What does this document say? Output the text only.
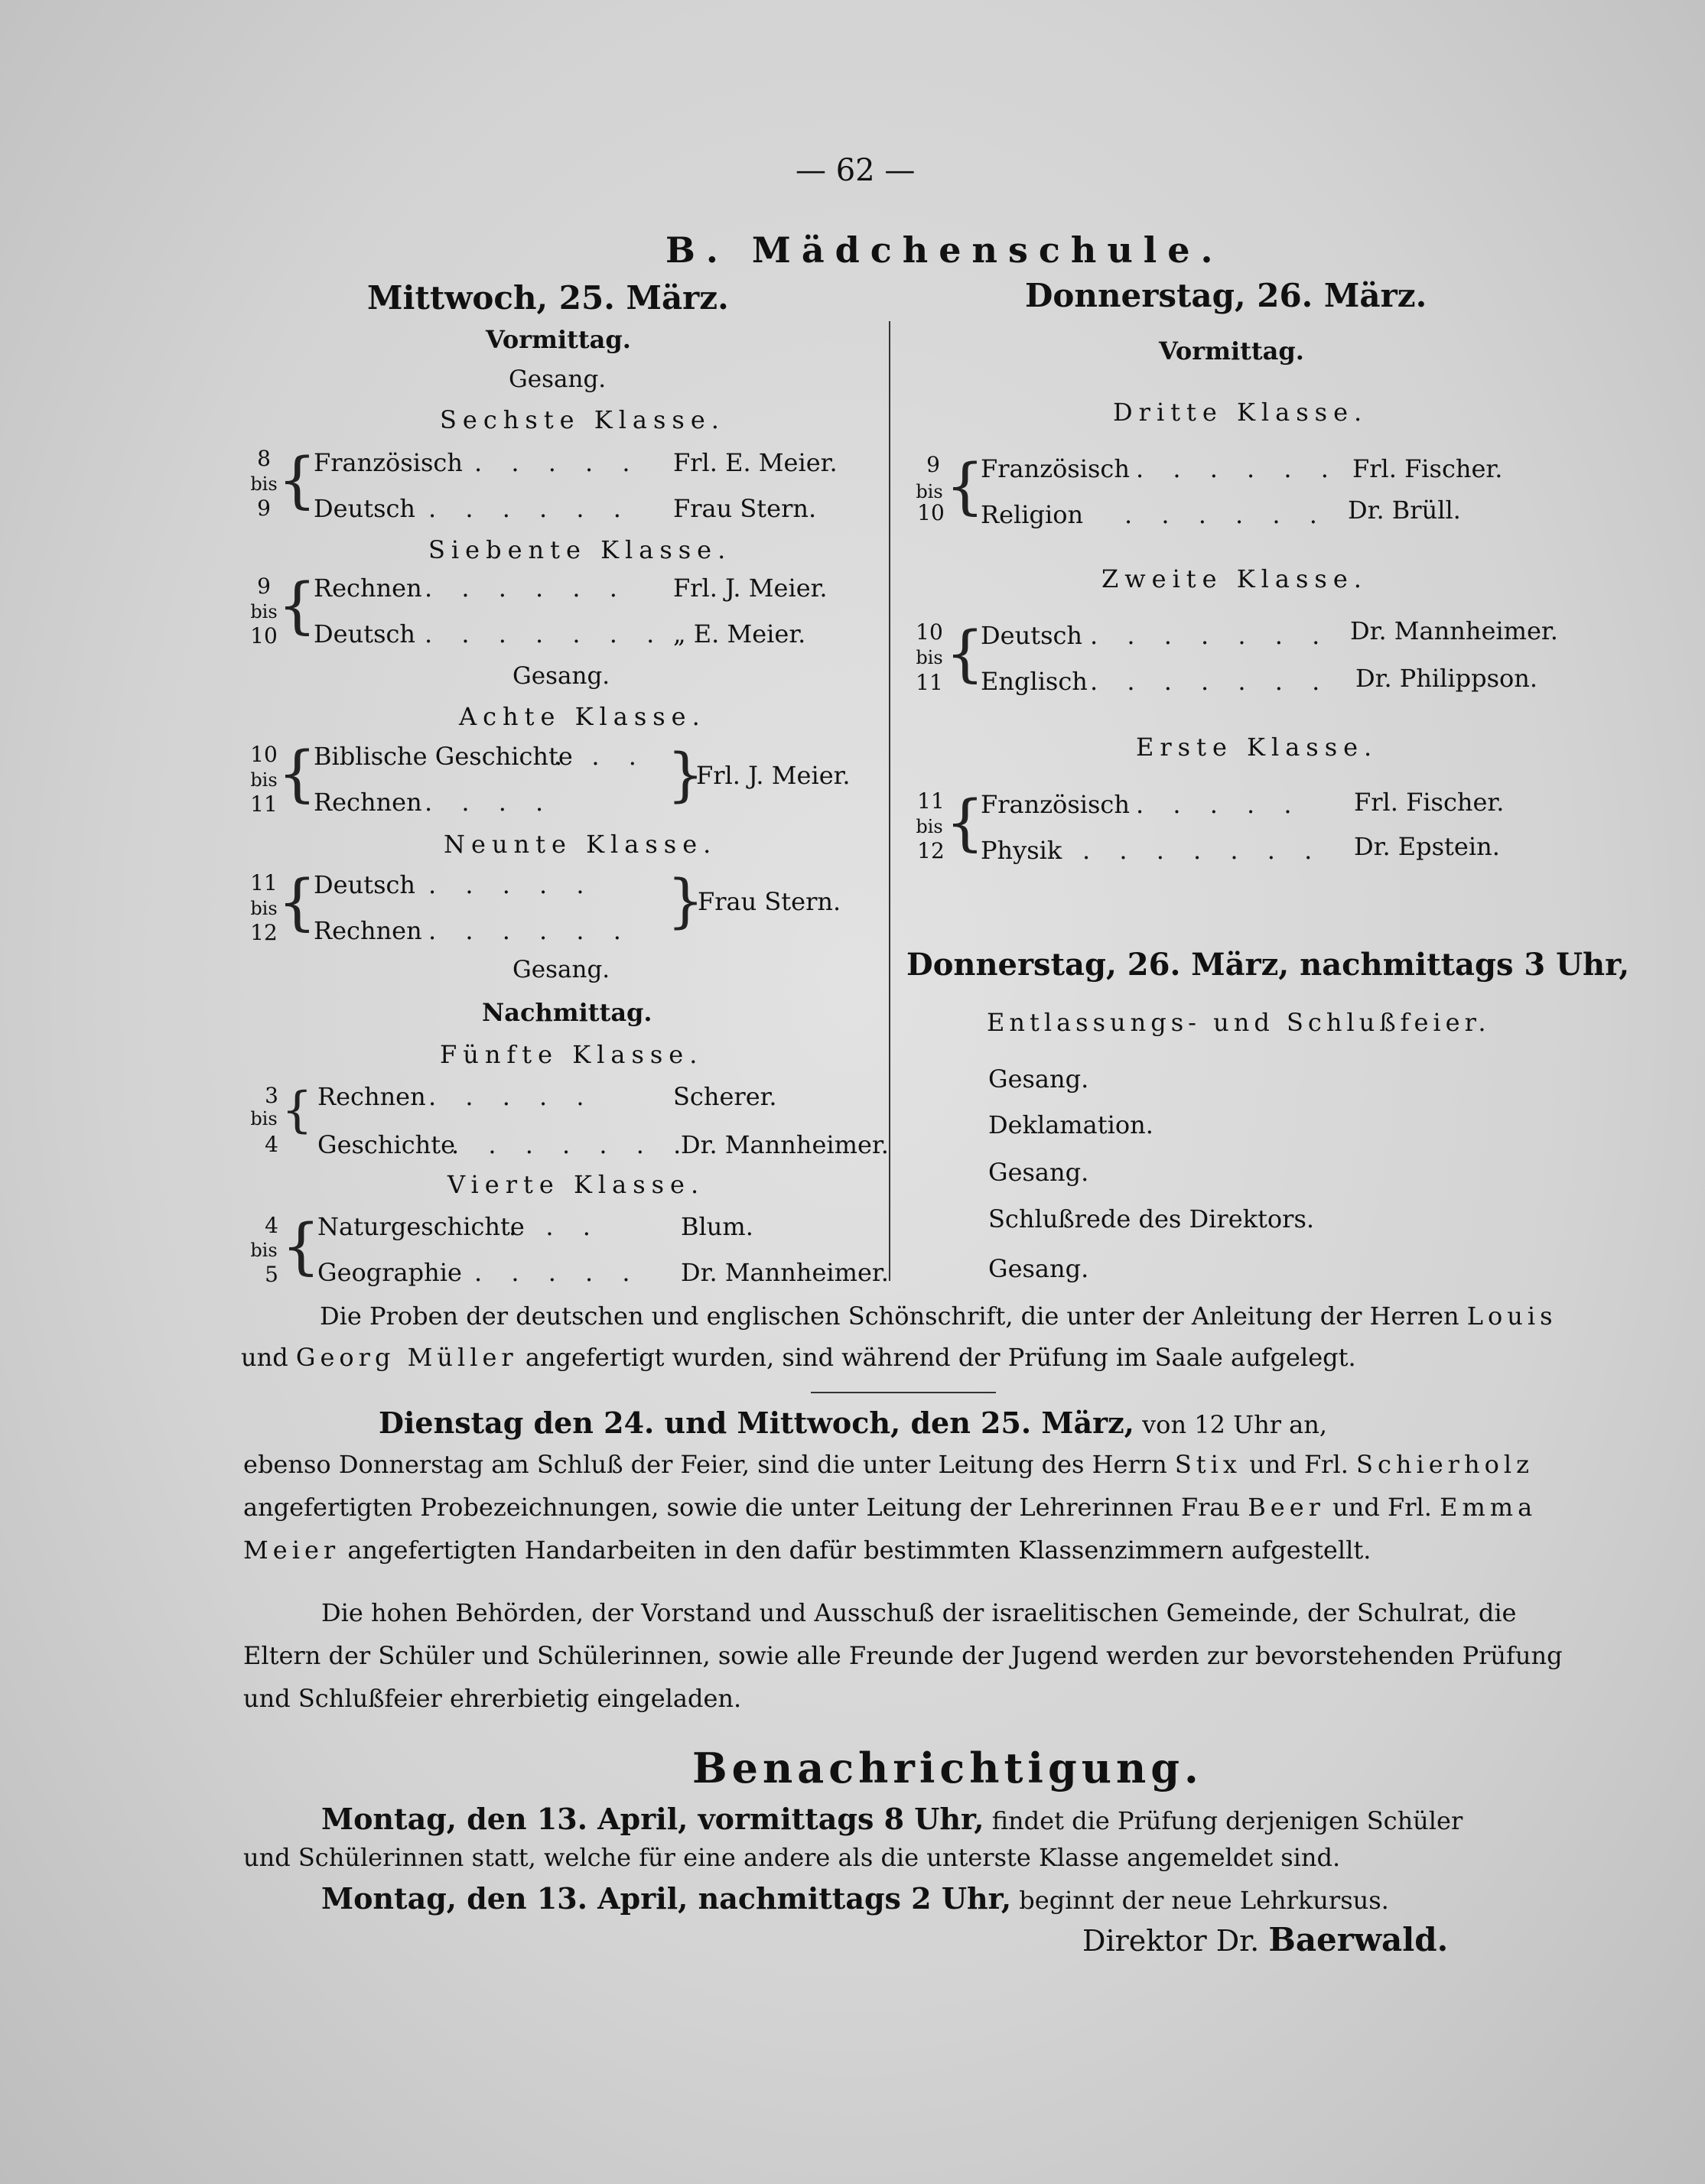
— 62 —
B. Mädchenschule.
Mittwoch, 25. März.
Vormittag.
Gesang.
Sechste Klasse.
8
bis
9 {
Französisch . . . . . Frl. E. Meier.
Deutsch . . . . . . Frau Stern.
Siebente Klasse.
9
bis
10 {
Rechnen . . . . . . Frl. J. Meier.
Deutsch . . . . . . . „ E. Meier.
Gesang.
Achte Klasse.
10
bis
11 {
Biblische Geschichte
. . .
Rechnen . . . . }
Frl. J. Meier.
Neunte Klasse.
11
bis
12 {
Deutsch . . . . .
Rechnen . . . . . . }
Frau Stern.
Gesang.
Nachmittag.
Fünfte Klasse.
3
bis
4
{ Rechnen . . . . .	Scherer.
Geschichte
. . . . . . .
Dr. Mannheimer.
Vierte Klasse.
4
bis
5 {
Naturgeschichte
. . .	Blum.
Geographie . . . . . Dr. Mannheimer.
Donnerstag, 26. März.
Vormittag.
Dritte Klasse.
9
bis
10 {
Französisch . . . . . . Frl. Fischer.
Religion . . . . . . Dr. Brüll.
Zweite Klasse.
10
bis
11 {
Deutsch . . . . . . . Dr. Mannheimer.
Englisch . . . . . . . Dr. Philippson.
Erste Klasse.
11
bis
12 {
Französisch . . . . . Frl. Fischer.
Physik . . . . . . . Dr. Epstein.
Donnerstag, 26. März, nachmittags 3 Uhr,
Entlassungs- und Schlußfeier.
Gesang.
Deklamation.
Gesang.
Schlußrede des Direktors.
Gesang.
Die Proben der deutschen und englischen Schönschrift, die unter der Anleitung der Herren Louis
und Georg Müller angefertigt wurden, sind während der Prüfung im Saale aufgelegt.
Dienstag den 24. und Mittwoch, den 25. März, von 12 Uhr an,
ebenso Donnerstag am Schluß der Feier, sind die unter Leitung des Herrn Stix und Frl. Schierholz
angefertigten Probezeichnungen, sowie die unter Leitung der Lehrerinnen Frau Beer und Frl. Emma
Meier angefertigten Handarbeiten in den dafür bestimmten Klassenzimmern aufgestellt.
Die hohen Behörden, der Vorstand und Ausschuß der israelitischen Gemeinde, der Schulrat, die
Eltern der Schüler und Schülerinnen, sowie alle Freunde der Jugend werden zur bevorstehenden Prüfung
und Schlußfeier ehrerbietig eingeladen.
Benachrichtigung.
Montag, den 13. April, vormittags 8 Uhr, findet die Prüfung derjenigen Schüler
und Schülerinnen statt, welche für eine andere als die unterste Klasse angemeldet sind.
Montag, den 13. April, nachmittags 2 Uhr, beginnt der neue Lehrkursus.
Direktor Dr. Baerwald.
